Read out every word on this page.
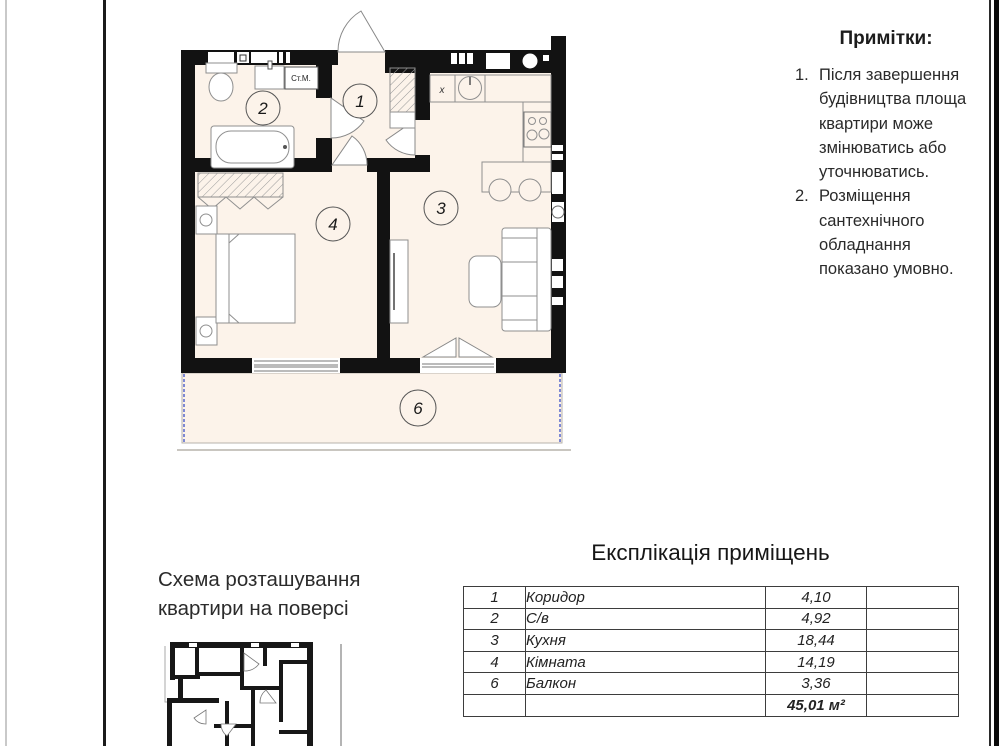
Ст.М.
x
1
2
3
4
6
Примітки:
1. Після завершення будівництва площа квартири може змінюватись або уточнюватись.
2. Розміщення сантехнічного обладнання показано умовно.
Схема розташування квартири на поверсі
Експлікація приміщень
1	Коридор	4,10	
2	С/в	4,92	
3	Кухня	18,44	
4	Кімната	14,19	
6	Балкон	3,36	
		45,01 м²	
